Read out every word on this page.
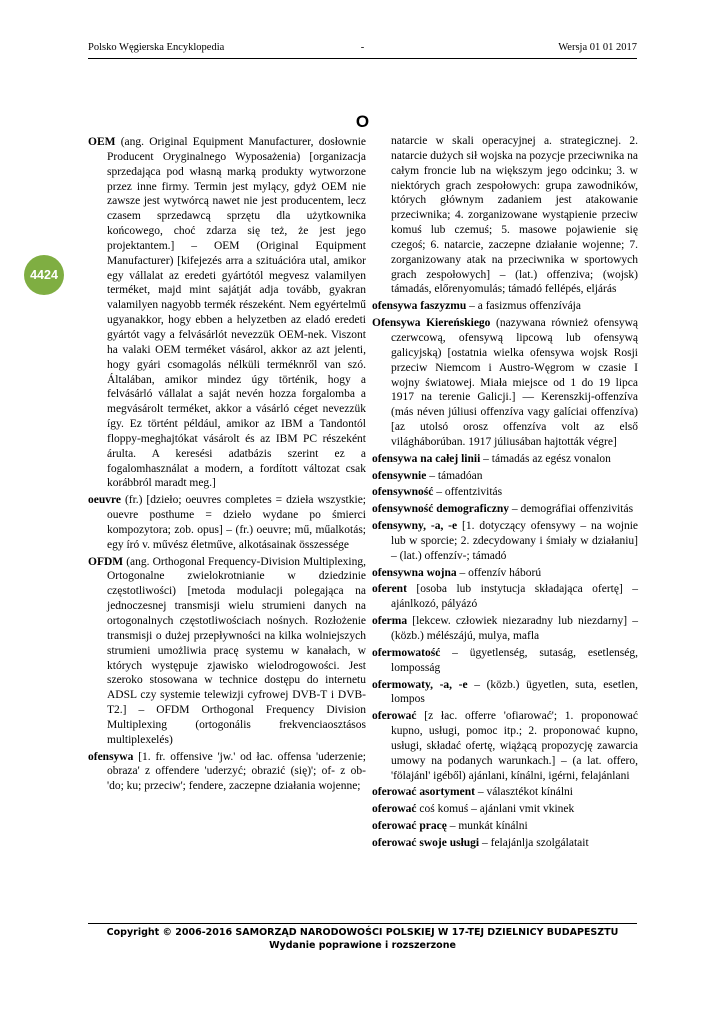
Polsko Węgierska Encyklopedia	-	Wersja 01 01 2017
O
4424

OEM (ang. Original Equipment Manufacturer, dosłownie Producent Oryginalnego Wyposażenia) [organizacja sprzedająca pod własną marką produkty wytworzone przez inne firmy. Termin jest mylący, gdyż OEM nie zawsze jest wytwórcą nawet nie jest producentem, lecz czasem sprzedawcą sprzętu dla użytkownika końcowego, choć zdarza się też, że jest jego projektantem.] – OEM (Original Equipment Manufacturer) [kifejezés arra a szituációra utal, amikor egy vállalat az eredeti gyártótól megvesz valamilyen terméket, majd mint sajátját adja tovább, gyakran valamilyen nagyobb termék részeként. Nem egyértelmű ugyanakkor, hogy ebben a helyzetben az eladó eredeti gyártót vagy a felvásárlót nevezzük OEM-nek. Viszont ha valaki OEM terméket vásárol, akkor az azt jelenti, hogy gyári csomagolás nélküli terméknről van szó. Általában, amikor mindez úgy történik, hogy a felvásárló vállalat a saját nevén hozza forgalomba a megvásárolt terméket, akkor a vásárló céget nevezzük így. Ez történt például, amikor az IBM a Tandontól floppy-meghajtókat vásárolt és az IBM PC részeként árulta. A keresési adatbázis szerint ez a fogalomhasználat a modern, a fordított változat csak korábbról maradt meg.]

oeuvre (fr.) [dzieło; oeuvres completes = dzieła wszystkie; ouevre posthume = dzieło wydane po śmierci kompozytora; zob. opus] – (fr.) oeuvre; mű, műalkotás; egy író v. művész életműve, alkotásainak összessége

OFDM (ang. Orthogonal Frequency-Division Multiplexing, Ortogonalne zwielokrotnianie w dziedzinie częstotliwości) [metoda modulacji polegająca na jednoczesnej transmisji wielu strumieni danych na ortogonalnych częstotliwościach nośnych. Rozłożenie transmisji o dużej przepływności na kilka wolniejszych strumieni umożliwia pracę systemu w kanałach, w których występuje zjawisko wielodrogowości. Jest szeroko stosowana w technice dostępu do internetu ADSL czy systemie telewizji cyfrowej DVB-T i DVB-T2.] – OFDM Orthogonal Frequency Division Multiplexing (ortogonális frekvenciaosztásos multiplexelés)

ofensywa [1. fr. offensive 'jw.' od łac. offensa 'uderzenie; obraza' z offendere 'uderzyć; obrazić (się)'; of- z ob- 'do; ku; przeciw'; fendere, zaczepne działania wojenne;

natarcie w skali operacyjnej a. strategicznej. 2. natarcie dużych sił wojska na pozycje przeciwnika na całym froncie lub na większym jego odcinku; 3. w niektórych grach zespołowych: grupa zawodników, których głównym zadaniem jest atakowanie przeciwnika; 4. zorganizowane wystąpienie przeciw komuś lub czemuś; 5. masowe pojawienie się czegoś; 6. natarcie, zaczepne działanie wojenne; 7. zorganizowany atak na przeciwnika w sportowych grach zespołowych] – (lat.) offenziva; (wojsk) támadás, előrenyomulás; támadó fellépés, eljárás

ofensywa faszyzmu – a fasizmus offenzívája

Ofensywa Kiereńskiego (nazywana również ofensywą czerwcową, ofensywą lipcową lub ofensywą galicyjską) [ostatnia wielka ofensywa wojsk Rosji przeciw Niemcom i Austro-Węgrom w czasie I wojny światowej. Miała miejsce od 1 do 19 lipca 1917 na terenie Galicji.] — Kerenszkij-offenzíva (más néven júliusi offenzíva vagy galíciai offenzíva) [az utolsó orosz offenzíva volt az első világháborúban. 1917 júliusában hajtották végre]

ofensywa na całej linii – támadás az egész vonalon

ofensywnie – támadóan

ofensywność – offentzivitás

ofensywność demograficzny – demográfiai offenzivitás

ofensywny, -a, -e [1. dotyczący ofensywy – na wojnie lub w sporcie; 2. zdecydowany i śmiały w działaniu] – (lat.) offenzív-; támadó

ofensywna wojna – offenzív háború

oferent [osoba lub instytucja składająca ofertę] – ajánlkozó, pályázó

oferma [lekcew. człowiek niezaradny lub niezdarny] – (közb.) mélészájú, mulya, mafla

ofermowatość – ügyetlenség, sutaság, esetlenség, lomposság

ofermowaty, -a, -e – (közb.) ügyetlen, suta, esetlen, lompos

oferować [z łac. offerre 'ofiarować'; 1. proponować kupno, usługi, pomoc itp.; 2. proponować kupno, usługi, składać ofertę, wiążącą propozycję zawarcia umowy na podanych warunkach.] – (a lat. offero, 'fölajánl' igéből) ajánlani, kínálni, igérni, felajánlani

oferować asortyment – választékot kínálni

oferować coś komuś – ajánlani vmit vkinek

oferować pracę – munkát kínálni

oferować swoje usługi – felajánlja szolgálatait

Copyright © 2006-2016 SAMORZĄD NARODOWOŚCI POLSKIEJ W 17-TEJ DZIELNICY BUDAPESZTU
Wydanie poprawione i rozszerzone
